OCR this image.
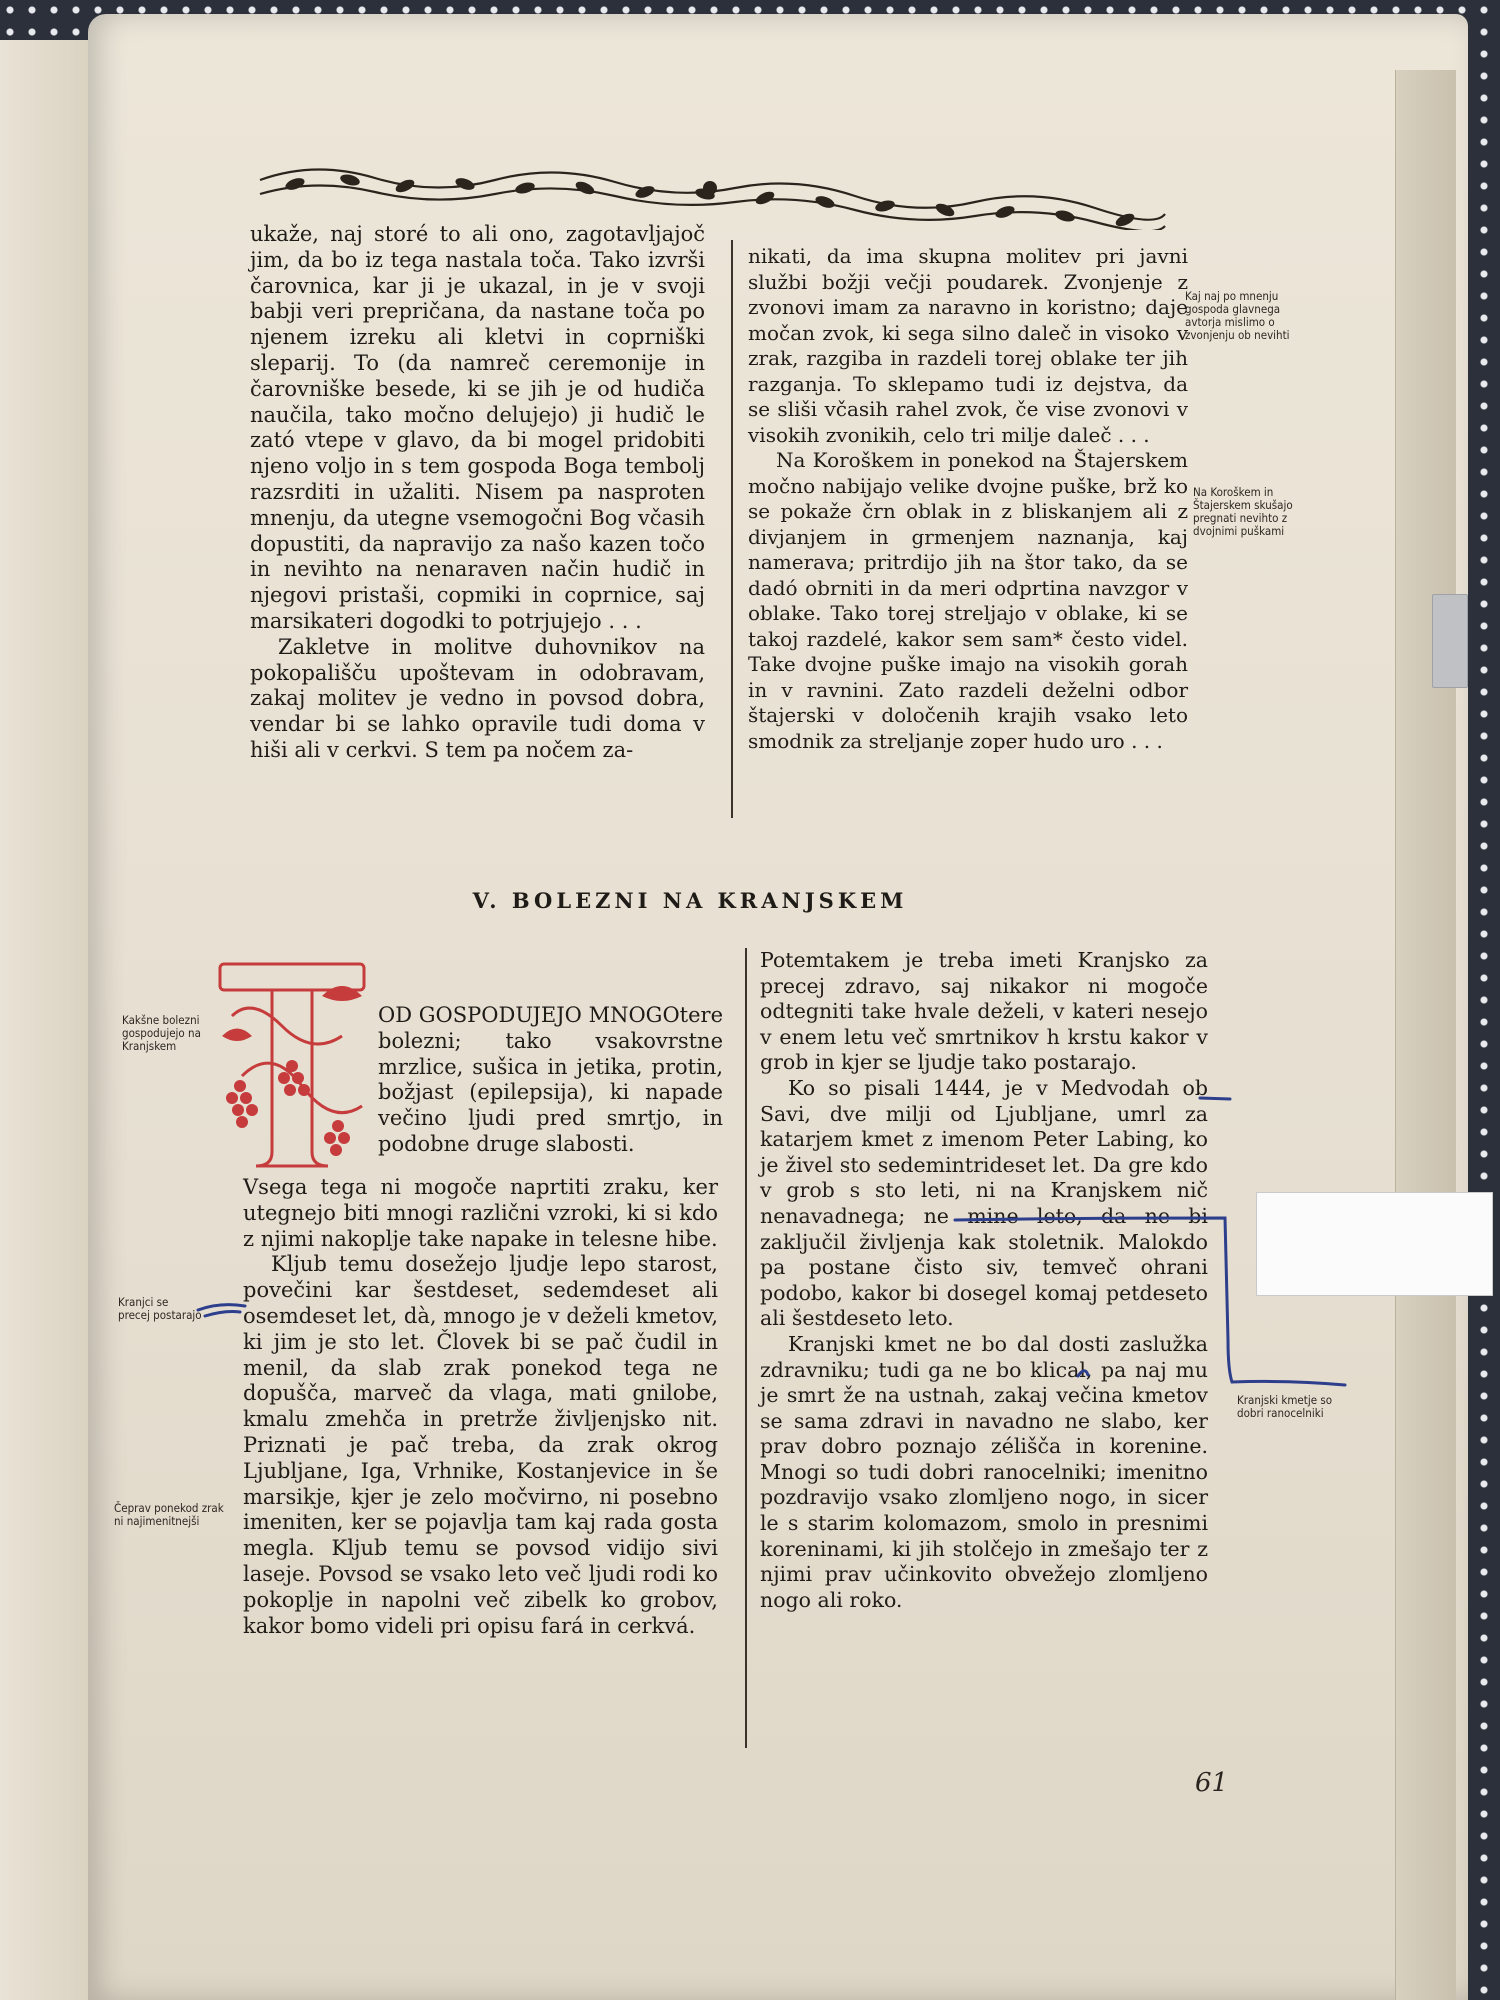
ukaže, naj storé to ali ono, zagotavljajoč jim, da bo iz tega nastala toča. Tako izvrši čarovnica, kar ji je ukazal, in je v svoji babji veri prepričana, da nastane toča po njenem izreku ali kletvi in coprniški sleparij. To (da namreč ceremonije in čarovniške besede, ki se jih je od hudiča naučila, tako močno delujejo) ji hudič le zató vtepe v glavo, da bi mogel pridobiti njeno voljo in s tem gospoda Boga tembolj razsrditi in užaliti. Nisem pa nasproten mnenju, da utegne vsemogočni Bog včasih dopustiti, da napravijo za našo kazen točo in nevihto na nenaraven način hudič in njegovi pristaši, copmiki in coprnice, saj marsikateri dogodki to potrjujejo . . .

Zakletve in molitve duhovnikov na pokopališču upoštevam in odobravam, zakaj molitev je vedno in povsod dobra, vendar bi se lahko opravile tudi doma v hiši ali v cerkvi. S tem pa nočem za-

nikati, da ima skupna molitev pri javni službi božji večji poudarek. Zvonjenje z zvonovi imam za naravno in koristno; daje močan zvok, ki sega silno daleč in visoko v zrak, razgiba in razdeli torej oblake ter jih razganja. To sklepamo tudi iz dejstva, da se sliši včasih rahel zvok, če vise zvonovi v visokih zvonikih, celo tri milje daleč . . .

Na Koroškem in ponekod na Štajerskem močno nabijajo velike dvojne puške, brž ko se pokaže črn oblak in z bliskanjem ali z divjanjem in grmenjem naznanja, kaj namerava; pritrdijo jih na štor tako, da se dadó obrniti in da meri odprtina navzgor v oblake. Tako torej streljajo v oblake, ki se takoj razdelé, kakor sem sam* često videl. Take dvojne puške imajo na visokih gorah in v ravnini. Zato razdeli deželni odbor štajerski v določenih krajih vsako leto smodnik za streljanje zoper hudo uro . . .

Kaj naj po mnenju gospoda glavnega avtorja mislimo o zvonjenju ob nevihti
Na Koroškem in Štajerskem skušajo pregnati nevihto z dvojnimi puškami
V. BOLEZNI NA KRANJSKEM

OD GOSPODUJEJO MNOGOtere bolezni; tako vsakovrstne mrzlice, sušica in jetika, protin, božjast (epilepsija), ki napade večino ljudi pred smrtjo, in podobne druge slabosti.

Vsega tega ni mogoče naprtiti zraku, ker utegnejo biti mnogi različni vzroki, ki si kdo z njimi nakoplje take napake in telesne hibe.

Kljub temu dosežejo ljudje lepo starost, povečini kar šestdeset, sedemdeset ali osemdeset let, dà, mnogo je v deželi kmetov, ki jim je sto let. Človek bi se pač čudil in menil, da slab zrak ponekod tega ne dopušča, marveč da vlaga, mati gnilobe, kmalu zmehča in pretrže življenjsko nit. Priznati je pač treba, da zrak okrog Ljubljane, Iga, Vrhnike, Kostanjevice in še marsikje, kjer je zelo močvirno, ni posebno imeniten, ker se pojavlja tam kaj rada gosta megla. Kljub temu se povsod vidijo sivi laseje. Povsod se vsako leto več ljudi rodi ko pokoplje in napolni več zibelk ko grobov, kakor bomo videli pri opisu fará in cerkvá.

Potemtakem je treba imeti Kranjsko za precej zdravo, saj nikakor ni mogoče odtegniti take hvale deželi, v kateri nesejo v enem letu več smrtnikov h krstu kakor v grob in kjer se ljudje tako postarajo.

Ko so pisali 1444, je v Medvodah ob Savi, dve milji od Ljubljane, umrl za katarjem kmet z imenom Peter Labing, ko je živel sto sedemintrideset let. Da gre kdo v grob s sto leti, ni na Kranjskem nič nenavadnega; ne mine leto, da ne bi zaključil življenja kak stoletnik. Malokdo pa postane čisto siv, temveč ohrani podobo, kakor bi dosegel komaj petdeseto ali šestdeseto leto.

Kranjski kmet ne bo dal dosti zaslužka zdravniku; tudi ga ne bo klical, pa naj mu je smrt že na ustnah, zakaj večina kmetov se sama zdravi in navadno ne slabo, ker prav dobro poznajo zélišča in korenine. Mnogi so tudi dobri ranocelniki; imenitno pozdravijo vsako zlomljeno nogo, in sicer le s starim kolomazom, smolo in presnimi koreninami, ki jih stolčejo in zmešajo ter z njimi prav učinkovito obvežejo zlomljeno nogo ali roko.

Kakšne bolezni gospodujejo na Kranjskem
Kranjci se precej postarajo
Čeprav ponekod zrak ni najimenitnejši
Kranjski kmetje so dobri ranocelniki
61
